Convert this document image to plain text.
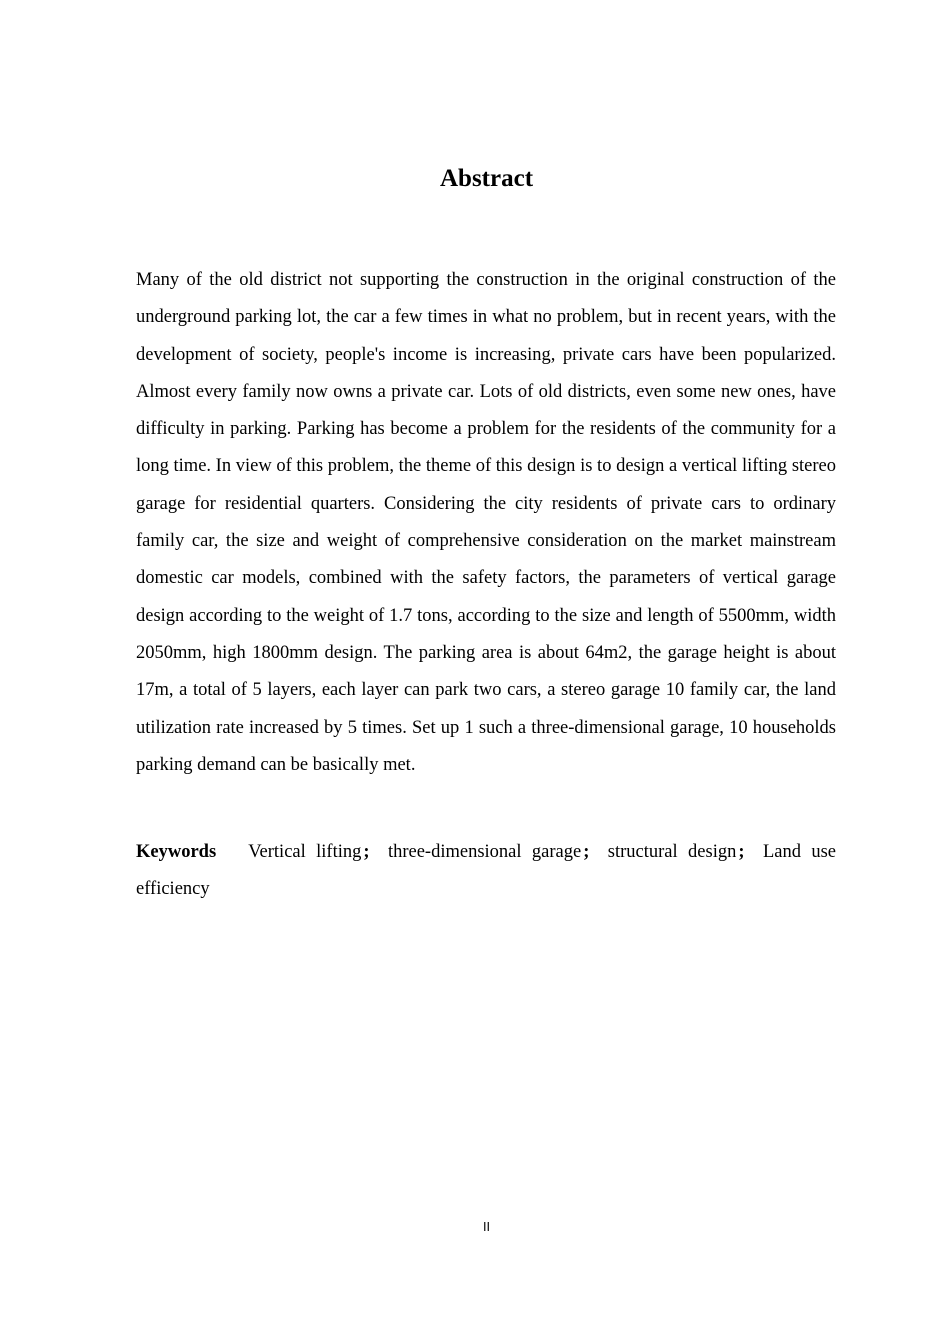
Abstract

Many of the old district not supporting the construction in the original construction of the underground parking lot, the car a few times in what no problem, but in recent years, with the development of society, people's income is increasing, private cars have been popularized. Almost every family now owns a private car. Lots of old districts, even some new ones, have difficulty in parking. Parking has become a problem for the residents of the community for a long time. In view of this problem, the theme of this design is to design a vertical lifting stereo garage for residential quarters. Considering the city residents of private cars to ordinary family car, the size and weight of comprehensive consideration on the market mainstream domestic car models, combined with the safety factors, the parameters of vertical garage design according to the weight of 1.7 tons, according to the size and length of 5500mm, width 2050mm, high 1800mm design. The parking area is about 64m2, the garage height is about 17m, a total of 5 layers, each layer can park two cars, a stereo garage 10 family car, the land utilization rate increased by 5 times. Set up 1 such a three-dimensional garage, 10 households parking demand can be basically met.

Keywords Vertical lifting ; three-dimensional garage ; structural design ; Land use efficiency

II
